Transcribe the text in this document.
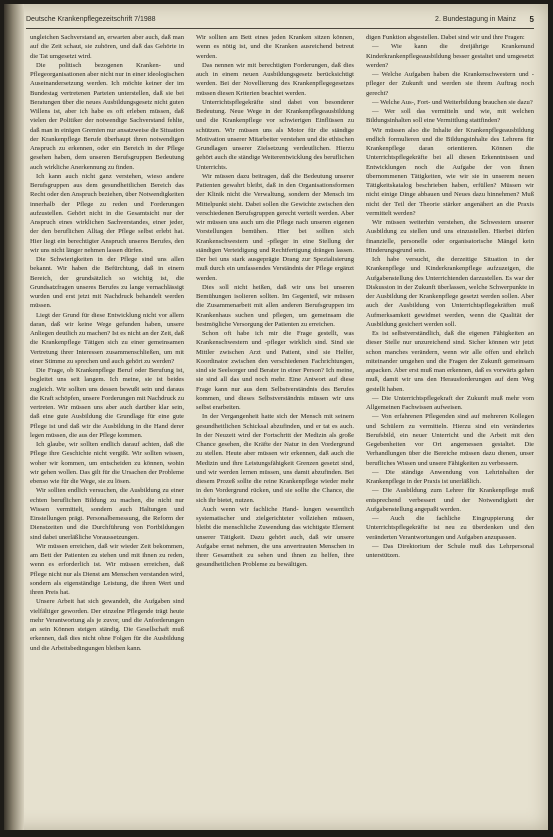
Deutsche Krankenpflegezeitschrift 7/1988	2. Bundestagung in Mainz 5

ungleichen Sachverstand an, erwarten aber auch, daß man auf die Zeit schaut, sie zuhören, und daß das Gehörte in die Tat umgesetzt wird.

Die politisch bezogenen Kranken- und Pflegeorganisationen aber nicht nur in einer ideologischen Auseinandersetzung werden. Ich möchte keiner der im Bundestag vertretenen Parteien unterstellen, daß sie bei Beratungen über die neues Ausbildungsgesetz nicht guten Willens ist, aber ich habe es oft erleben müssen, daß vielen der Politiker der notwendige Sachverstand fehlte, daß man in einigen Gremien nur ansatzweise die Situation der Krankenpflege Berufe überhaupt ihren notwendigen Anspruch zu erkennen, oder ein Bereich in der Pflege gesehen haben, dem unseren Berufsgruppen Bedeutung auch wirkliche Anerkennung zu finden.

Ich kann auch nicht ganz verstehen, wieso andere Berufsgruppen aus dem gesundheitlichen Bereich das Recht oder den Anspruch beziehen, über Notwendigkeiten innerhalb der Pflege zu reden und Forderungen aufzustellen. Gehört nicht in die Gesamtsicht nur der Anspruch eines wirklichen Sachverstandes, einer jeder, der den beruflichen Alltag der Pflege selbst erlebt hat. Hier liegt ein berechtigter Anspruch unseres Berufes, den wir uns nicht länger nehmen lassen dürfen.

Die Schwierigkeiten in der Pflege sind uns allen bekannt. Wir haben die Befürchtung, daß in einem Bereich, der grundsätzlich so wichtig ist, die Grundsatzfragen unseres Berufes zu lange vernachlässigt wurden und erst jetzt mit Nachdruck behandelt werden müssen.

Liegt der Grund für diese Entwicklung nicht vor allem daran, daß wir keine Wege gefunden haben, unsere Anliegen deutlich zu machen? Ist es nicht an der Zeit, daß die Krankenpflege Tätigen sich zu einer gemeinsamen Vertretung ihrer Interessen zusammenschließen, um mit einer Stimme zu sprechen und auch gehört zu werden?

Die Frage, ob Krankenpflege Beruf oder Berufung ist, begleitet uns seit langem. Ich meine, sie ist beides zugleich. Wir sollten uns dessen bewußt sein und daraus die Kraft schöpfen, unsere Forderungen mit Nachdruck zu vertreten. Wir müssen uns aber auch darüber klar sein, daß eine gute Ausbildung die Grundlage für eine gute Pflege ist und daß wir die Ausbildung in die Hand derer legen müssen, die aus der Pflege kommen.

Ich glaube, wir sollten endlich darauf achten, daß die Pflege ihre Geschichte nicht vergißt. Wir sollten wissen, woher wir kommen, um entscheiden zu können, wohin wir gehen wollen. Das gilt für die Ursachen der Probleme ebenso wie für die Wege, sie zu lösen.

Wir sollten endlich versuchen, die Ausbildung zu einer echten beruflichen Bildung zu machen, die nicht nur Wissen vermittelt, sondern auch Haltungen und Einstellungen prägt. Personalbemessung, die Reform der Dienstzeiten und die Durchführung von Fortbildungen sind dabei unerläßliche Voraussetzungen.

Wir müssen erreichen, daß wir wieder Zeit bekommen, am Bett der Patienten zu stehen und mit ihnen zu reden, wenn es erforderlich ist. Wir müssen erreichen, daß Pflege nicht nur als Dienst am Menschen verstanden wird, sondern als eigenständige Leistung, die ihren Wert und ihren Preis hat.

Unsere Arbeit hat sich gewandelt, die Aufgaben sind vielfältiger geworden. Der einzelne Pflegende trägt heute mehr Verantwortung als je zuvor, und die Anforderungen an sein Können steigen ständig. Die Gesellschaft muß erkennen, daß dies nicht ohne Folgen für die Ausbildung und die Arbeitsbedingungen bleiben kann.

Wir sollten am Bett eines jeden Kranken sitzen können, wenn es nötig ist, und die Kranken ausreichend betreut werden.

Das nennen wir mit berechtigten Forderungen, daß dies auch in einem neuen Ausbildungsgesetz berücksichtigt werden. Bei der Novellierung des Krankenpflegegesetzes müssen diesen Kriterien beachtet werden.

Unterrichtspflegekräfte sind dabei von besonderer Bedeutung. Neue Wege in der Krankenpflegeausbildung und die Krankenpflege vor schwierigen Einflüssen zu schützen. Wir müssen uns als Motor für die ständige Motivation unserer Mitarbeiter verstehen und die ethischen Grundlagen unserer Zielsetzung verdeutlichen. Hierzu gehört auch die ständige Weiterentwicklung des beruflichen Unterrichts.

Wir müssen dazu beitragen, daß die Bedeutung unserer Patienten gewahrt bleibt, daß in den Organisationsformen der Klinik nicht die Verwaltung, sondern der Mensch im Mittelpunkt steht. Dabei sollen die Gewichte zwischen den verschiedenen Berufsgruppen gerecht verteilt werden. Aber wir müssen uns auch um die Pflege nach unseren eigenen Vorstellungen bemühen. Hier bei sollten sich Krankenschwestern und -pfleger in eine Stellung der ständigen Verteidigung und Rechtfertigung drängen lassen. Der bei uns stark ausgeprägte Drang zur Spezialisierung muß durch ein umfassendes Verständnis der Pflege ergänzt werden.

Dies soll nicht heißen, daß wir uns bei unseren Bemühungen isolieren sollten. Im Gegenteil, wir müssen die Zusammenarbeit mit allen anderen Berufsgruppen im Krankenhaus suchen und pflegen, um gemeinsam die bestmögliche Versorgung der Patienten zu erreichen.

Schon oft habe ich mir die Frage gestellt, was Krankenschwestern und -pfleger wirklich sind. Sind sie Mittler zwischen Arzt und Patient, sind sie Helfer, Koordinator zwischen den verschiedenen Fachrichtungen, sind sie Seelsorger und Berater in einer Person? Ich meine, sie sind all das und noch mehr. Eine Antwort auf diese Frage kann nur aus dem Selbstverständnis des Berufes kommen, und dieses Selbstverständnis müssen wir uns selbst erarbeiten.

In der Vergangenheit hatte sich der Mensch mit seinem gesundheitlichen Schicksal abzufinden, und er tat es auch. In der Neuzeit wird der Fortschritt der Medizin als große Chance gesehen, die Kräfte der Natur in den Vordergrund zu stellen. Heute aber müssen wir erkennen, daß auch die Medizin und ihre Leistungsfähigkeit Grenzen gesetzt sind, und wir werden lernen müssen, uns damit abzufinden. Bei diesem Prozeß sollte die reine Krankenpflege wieder mehr in den Vordergrund rücken, und sie sollte die Chance, die sich ihr bietet, nutzen.

Auch wenn wir fachliche Hand- lungen wesentlich systematischer und zielgerichteter vollziehen müssen, bleibt die menschliche Zuwendung das wichtigste Element unserer Tätigkeit. Dazu gehört auch, daß wir unsere Aufgabe ernst nehmen, die uns anvertrauten Menschen in ihrer Gesamtheit zu sehen und ihnen zu helfen, ihre gesundheitlichen Probleme zu bewältigen.

digen Funktion abgestellen. Dabei sind wir und ihre Fragen:

— Wie kann die dreijährige Krankenund Kinderkrankenpflegeausbildung besser gestaltet und umgesetzt werden?

— Welche Aufgaben haben die Krankenschwestern und -pfleger der Zukunft und werden sie ihrem Auftrag noch gerecht?

— Welche Aus-, Fort- und Weiterbildung brauchen sie dazu?

— Wer soll das vermitteln und wie, mit welchen Bildungsinhalten soll eine Vermittlung stattfinden?

Wir müssen also die Inhalte der Krankenpflegeausbildung endlich formulieren und die Bildungsinhalte des Lehrens für Krankenpflege daran orientieren. Können die Unterrichtspflegekräfte bei all diesen Erkenntnissen und Entwicklungen noch die Aufgabe der von ihnen übernommenen Tätigkeiten, wie wir sie in unserem neuen Tätigkeitskatalog beschrieben haben, erfüllen? Müssen wir nicht einige Dinge abbauen und Neues dazu hinnehmen? Muß nicht der Teil der Theorie stärker angenähert an die Praxis vermittelt werden?

Wir müssen weiterhin verstehen, die Schwestern unserer Ausbildung zu stellen und uns einzustellen. Hierbei dürfen finanzielle, personelle oder organisatorische Mängel kein Hinderungsgrund sein.

Ich habe versucht, die derzeitige Situation in der Krankenpflege und Kinderkrankenpflege aufzuzeigen, die Aufgabenstellung des Unterrichtenden darzustellen. Es war der Diskussion in der Zukunft überlassen, welche Schwerpunkte in der Ausbildung der Krankenpflege gesetzt werden sollen. Aber auch der Ausbildung von Unterrichtspflegekräften muß Aufmerksamkeit gewidmet werden, wenn die Qualität der Ausbildung gesichert werden soll.

Es ist selbstverständlich, daß die eigenen Fähigkeiten an dieser Stelle nur unzureichend sind. Sicher können wir jetzt schon manches verändern, wenn wir alle offen und ehrlich miteinander umgehen und die Fragen der Zukunft gemeinsam anpacken. Aber erst muß man erkennen, daß es vorwärts gehen muß, damit wir uns den Herausforderungen auf dem Weg gestellt haben.

— Die Unterrichtspflegekraft der Zukunft muß mehr vom Allgemeinen Fachwissen aufweisen.

— Von erfahrenen Pflegenden sind auf mehreren Kollegen und Schülern zu vermitteln. Hierzu sind ein verändertes Berufsbild, ein neuer Unterricht und die Arbeit mit den Gegebenheiten vor Ort angemessen gestaltet. Die Verhandlungen über die Bereiche müssen dazu dienen, unser berufliches Wissen und unsere Fähigkeiten zu verbessern.

— Die ständige Anwendung von Lehrinhalten der Krankenpflege in der Praxis ist unerläßlich.

— Die Ausbildung zum Lehrer für Krankenpflege muß entsprechend verbessert und der Notwendigkeit der Aufgabenstellung angepaßt werden.

— Auch die fachliche Eingruppierung der Unterrichtspflegekräfte ist neu zu überdenken und den veränderten Verantwortungen und Aufgaben anzupassen.

— Das Direktorium der Schule muß das Lehrpersonal unterstützen.
